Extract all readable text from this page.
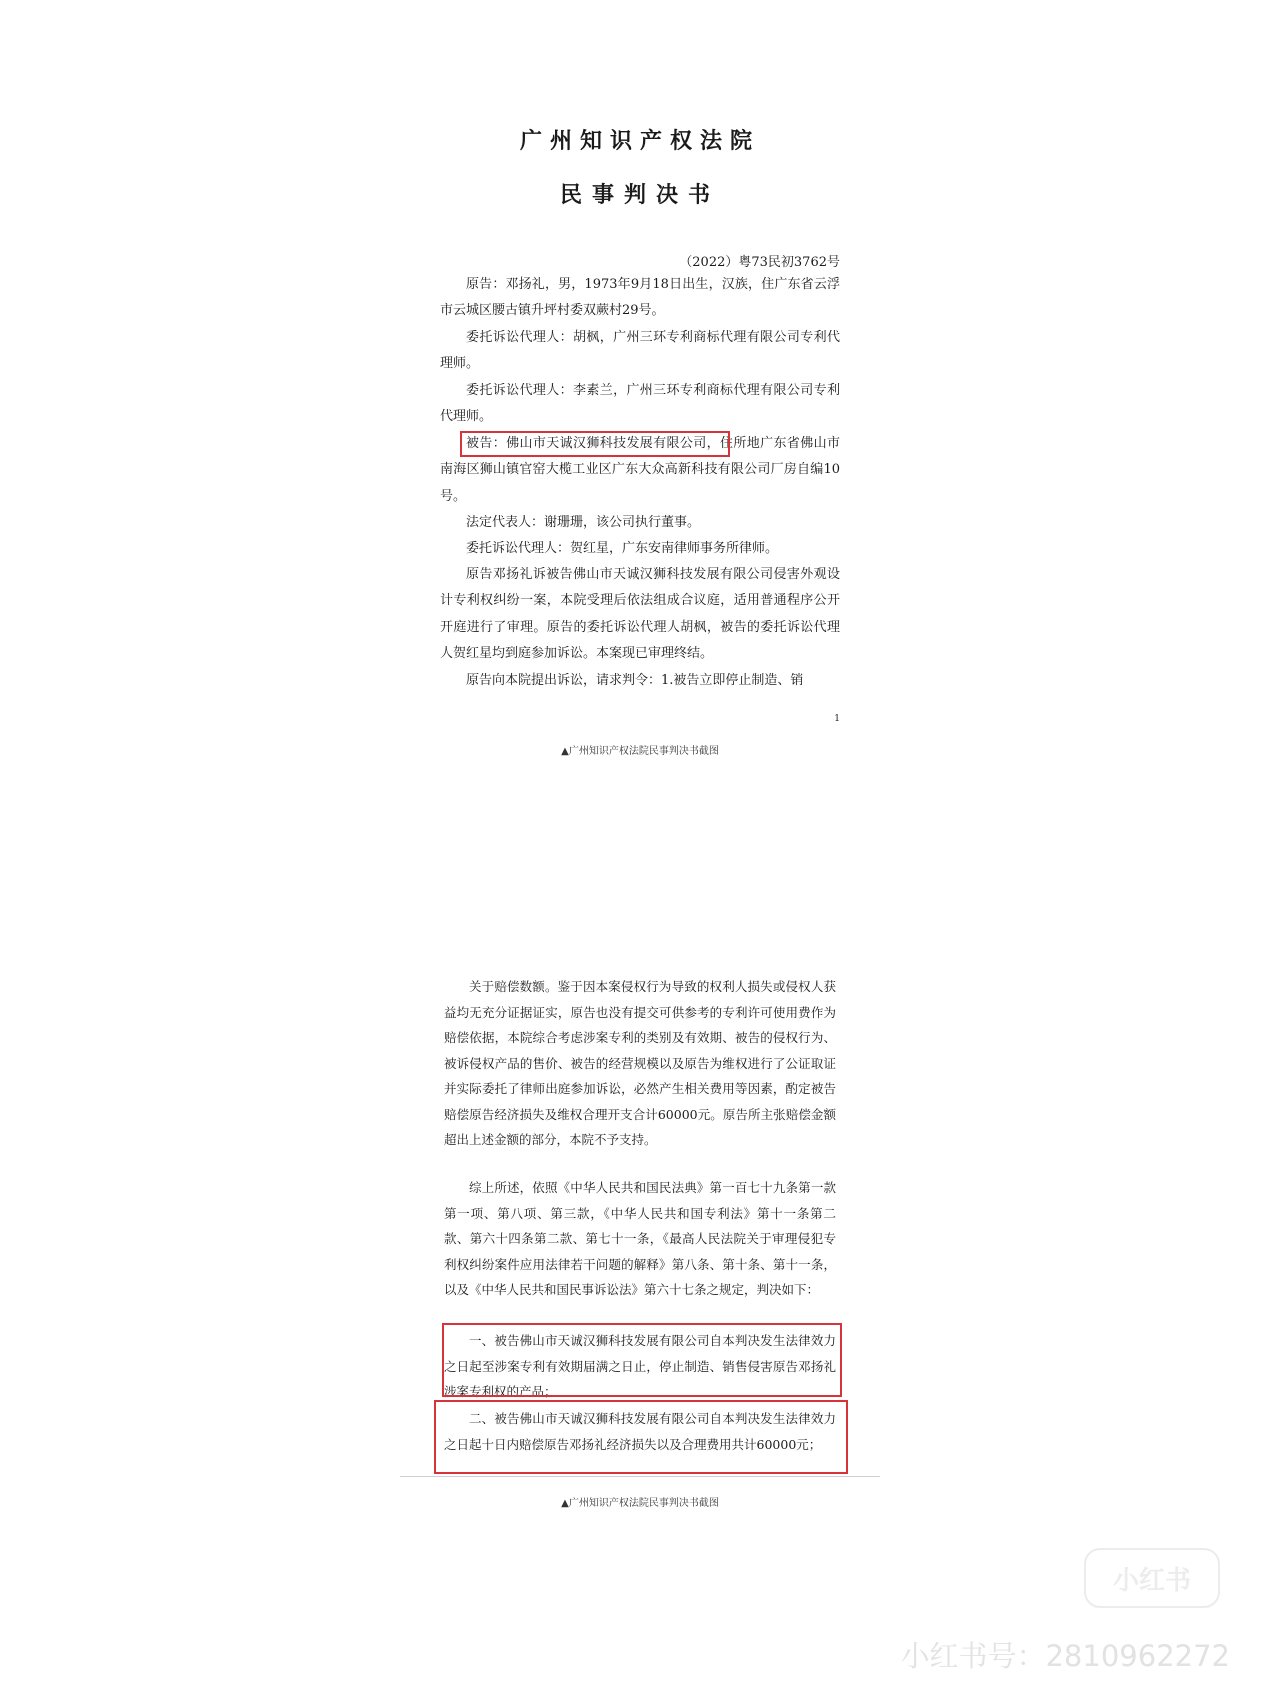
广州知识产权法院
民事判决书
（2022）粤73民初3762号

原告：邓扬礼，男，1973年9月18日出生，汉族，住广东省云浮市云城区腰古镇升坪村委双蕨村29号。

委托诉讼代理人：胡枫，广州三环专利商标代理有限公司专利代理师。

委托诉讼代理人：李素兰，广州三环专利商标代理有限公司专利代理师。

被告：佛山市天诚汉狮科技发展有限公司，住所地广东省佛山市南海区狮山镇官窑大榄工业区广东大众高新科技有限公司厂房自编10号。

法定代表人：谢珊珊，该公司执行董事。

委托诉讼代理人：贺红星，广东安南律师事务所律师。

原告邓扬礼诉被告佛山市天诚汉狮科技发展有限公司侵害外观设计专利权纠纷一案，本院受理后依法组成合议庭，适用普通程序公开开庭进行了审理。原告的委托诉讼代理人胡枫，被告的委托诉讼代理人贺红星均到庭参加诉讼。本案现已审理终结。

原告向本院提出诉讼，请求判令：1.被告立即停止制造、销

1
▲广州知识产权法院民事判决书截图

关于赔偿数额。鉴于因本案侵权行为导致的权利人损失或侵权人获益均无充分证据证实，原告也没有提交可供参考的专利许可使用费作为赔偿依据，本院综合考虑涉案专利的类别及有效期、被告的侵权行为、被诉侵权产品的售价、被告的经营规模以及原告为维权进行了公证取证并实际委托了律师出庭参加诉讼，必然产生相关费用等因素，酌定被告赔偿原告经济损失及维权合理开支合计60000元。原告所主张赔偿金额超出上述金额的部分，本院不予支持。

综上所述，依照《中华人民共和国民法典》第一百七十九条第一款第一项、第八项、第三款，《中华人民共和国专利法》第十一条第二款、第六十四条第二款、第七十一条，《最高人民法院关于审理侵犯专利权纠纷案件应用法律若干问题的解释》第八条、第十条、第十一条，以及《中华人民共和国民事诉讼法》第六十七条之规定，判决如下：

一、被告佛山市天诚汉狮科技发展有限公司自本判决发生法律效力之日起至涉案专利有效期届满之日止，停止制造、销售侵害原告邓扬礼涉案专利权的产品；

二、被告佛山市天诚汉狮科技发展有限公司自本判决发生法律效力之日起十日内赔偿原告邓扬礼经济损失以及合理费用共计60000元；

▲广州知识产权法院民事判决书截图
小红书
小红书号：2810962272
